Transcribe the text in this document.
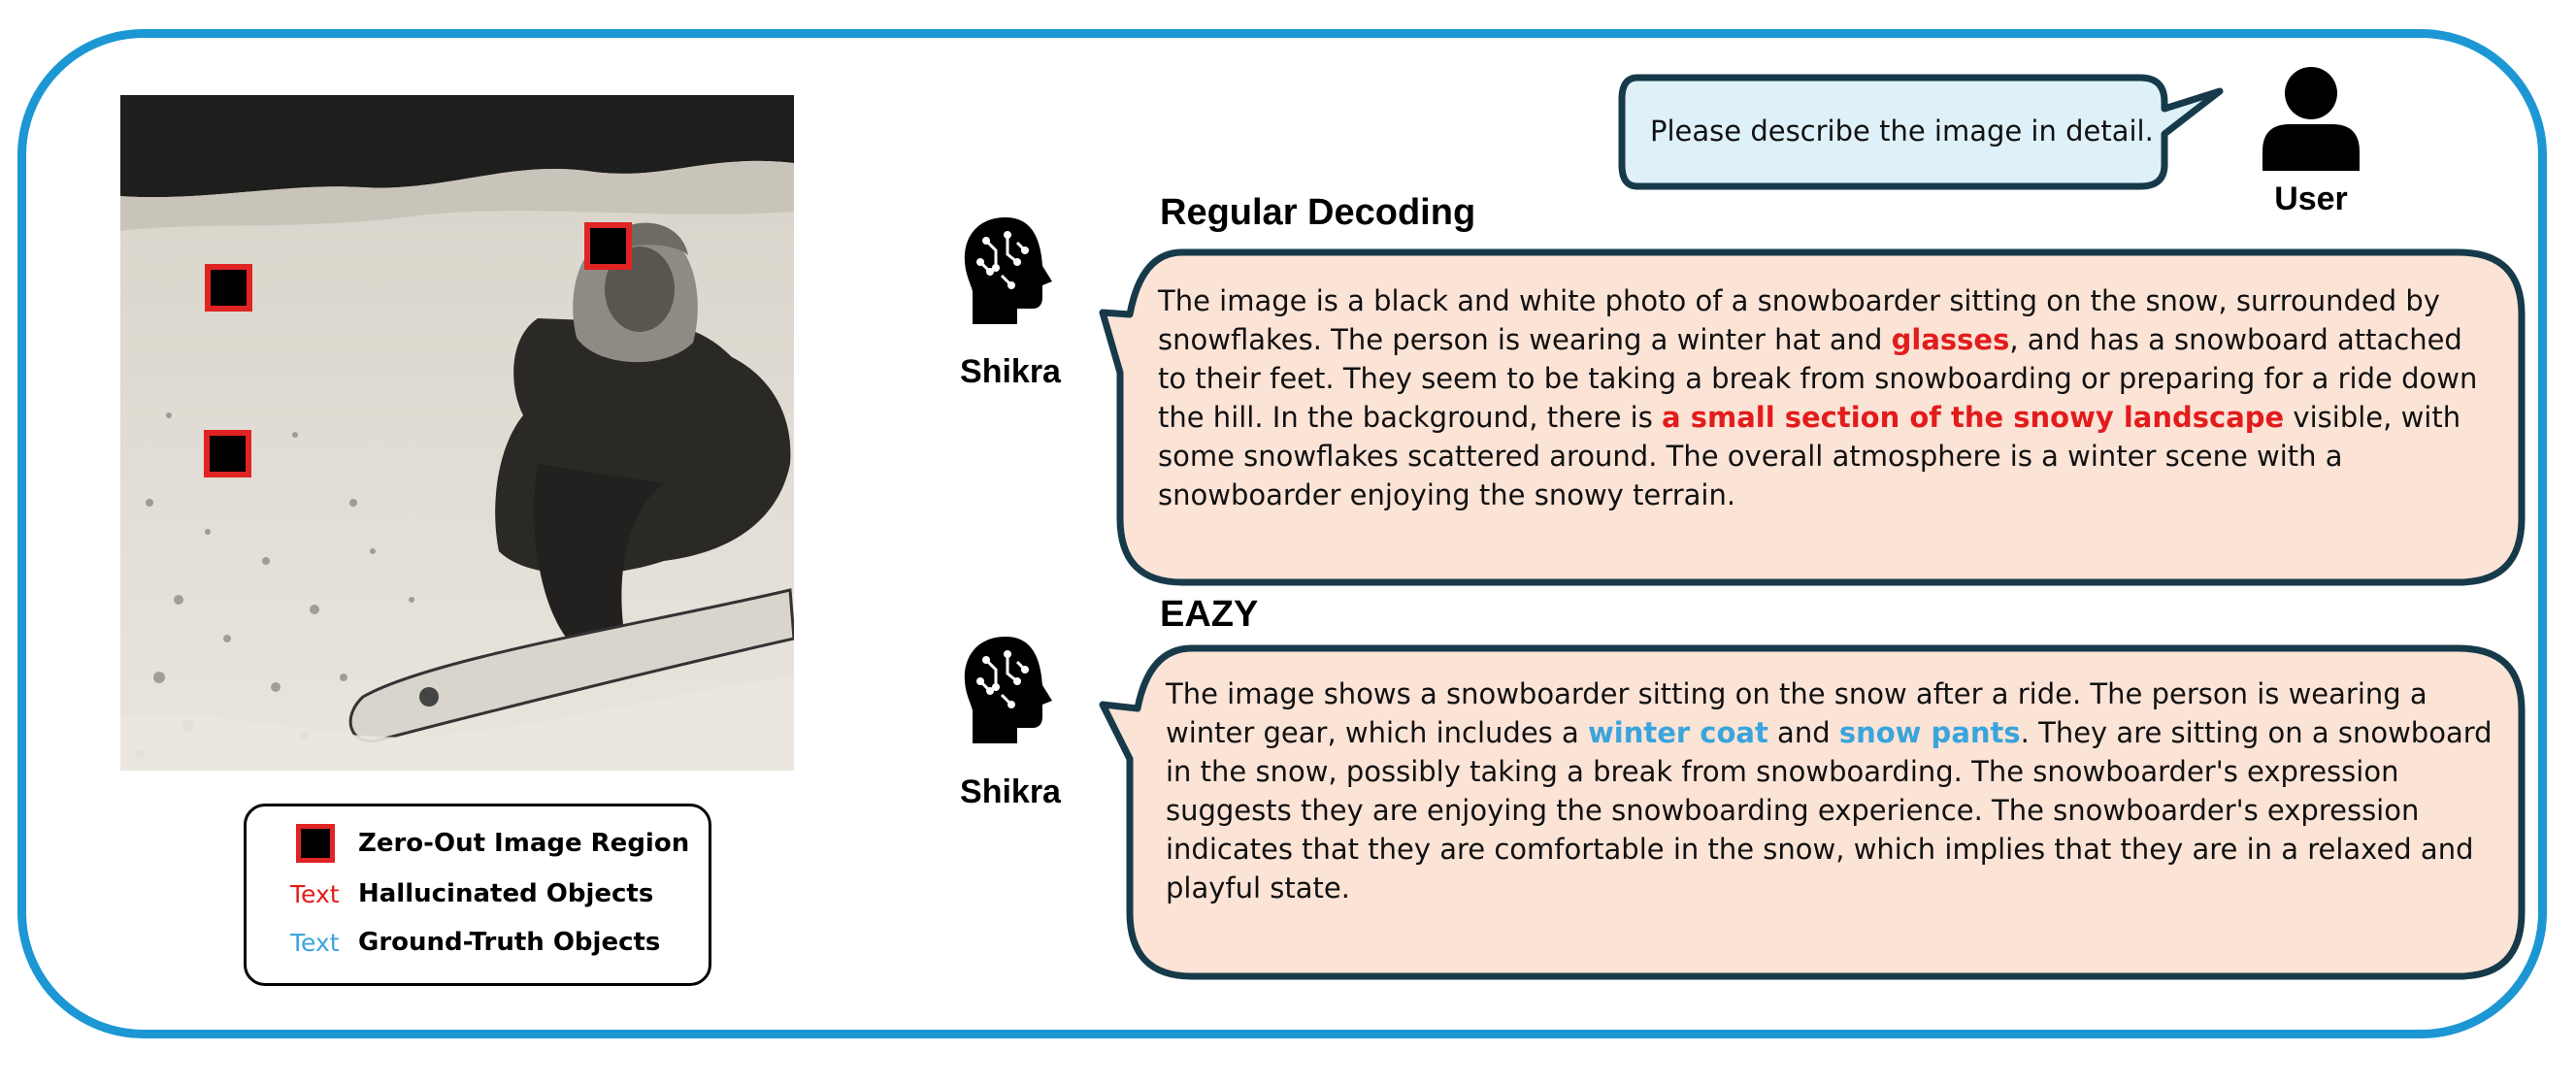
Zero-Out Image Region
Text Hallucinated Objects
Text Ground-Truth Objects
Please describe the image in detail.
User
Regular Decoding
Shikra
The image is a black and white photo of a snowboarder sitting on the snow, surrounded by snowflakes. The person is wearing a winter hat and glasses, and has a snowboard attached to their feet. They seem to be taking a break from snowboarding or preparing for a ride down the hill. In the background, there is a small section of the snowy landscape visible, with some snowflakes scattered around. The overall atmosphere is a winter scene with a snowboarder enjoying the snowy terrain.
EAZY
Shikra
The image shows a snowboarder sitting on the snow after a ride. The person is wearing a winter gear, which includes a winter coat and snow pants. They are sitting on a snowboard in the snow, possibly taking a break from snowboarding. The snowboarder's expression suggests they are enjoying the snowboarding experience. The snowboarder's expression indicates that they are comfortable in the snow, which implies that they are in a relaxed and playful state.
